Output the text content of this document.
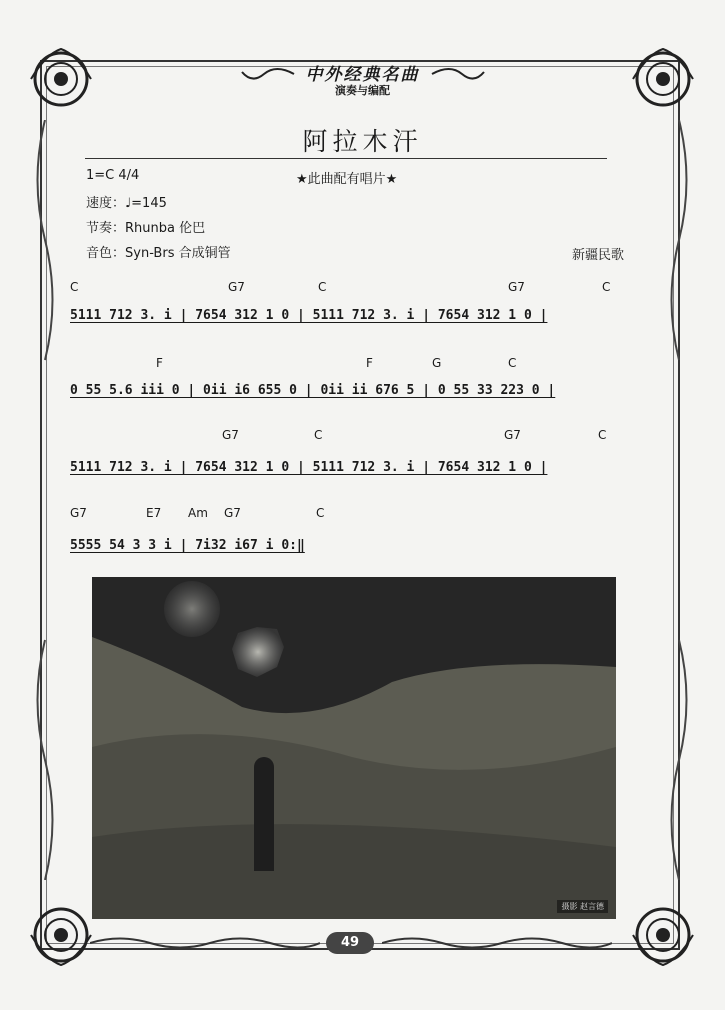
中外经典名曲
演奏与编配
阿拉木汗
1=C 4/4	★此曲配有唱片★
速度：♩=145
节奏：Rhunba 伦巴
音色：Syn-Brs 合成铜管	新疆民歌
C	G7	C	G7	C
5111 712 3. i | 7654 312 1 0 | 5111 712 3. i | 7654 312 1 0 |
F	F	G	C
0 55 5.6 iii 0 | 0ii i6 655 0 | 0ii ii 676 5 | 0 55 33 223 0 |
G7	C	G7	C
5111 712 3. i | 7654 312 1 0 | 5111 712 3. i | 7654 312 1 0 |
G7	E7 Am G7	C
5555 54 3 3 i | 7i32 i67 i 0:‖
摄影 赵言德
49
